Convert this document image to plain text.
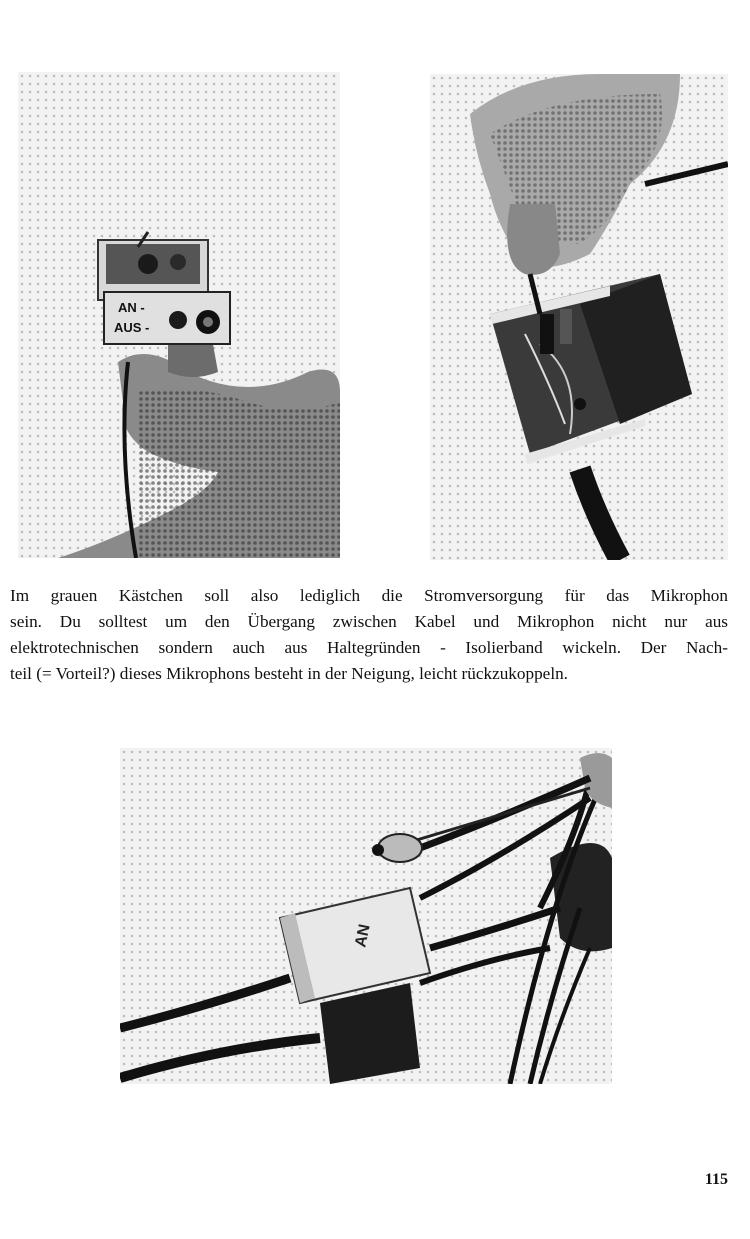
AN -
AUS -
Im grauen Kästchen soll also lediglich die Stromversorgung für das Mikrophon
sein. Du solltest um den Übergang zwischen Kabel und Mikrophon nicht nur aus
elektrotechnischen sondern auch aus Haltegründen - Isolierband wickeln. Der Nach-
teil (= Vorteil?) dieses Mikrophons besteht in der Neigung, leicht rückzukoppeln.
AN
115
